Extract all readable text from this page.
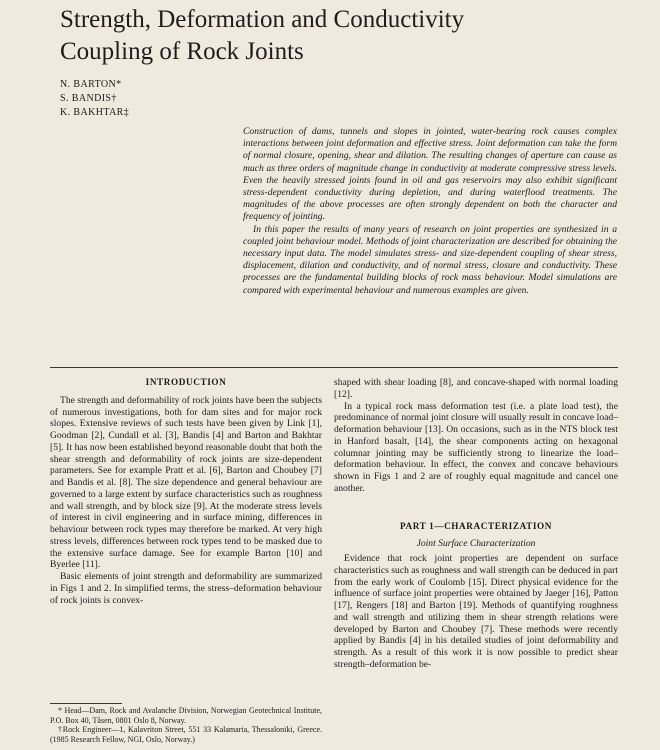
Strength, Deformation and Conductivity
Coupling of Rock Joints
N. BARTON*
S. BANDIS†
K. BAKHTAR‡

Construction of dams, tunnels and slopes in jointed, water-bearing rock causes complex interactions between joint deformation and effective stress. Joint deformation can take the form of normal closure, opening, shear and dilation. The resulting changes of aperture can cause as much as three orders of magnitude change in conductivity at moderate compressive stress levels. Even the heavily stressed joints found in oil and gas reservoirs may also exhibit significant stress-dependent conductivity during depletion, and during waterflood treatments. The magnitudes of the above processes are often strongly dependent on both the character and frequency of jointing.

In this paper the results of many years of research on joint properties are synthesized in a coupled joint behaviour model. Methods of joint characterization are described for obtaining the necessary input data. The model simulates stress- and size-dependent coupling of shear stress, displacement, dilation and conductivity, and of normal stress, closure and conductivity. These processes are the fundamental building blocks of rock mass behaviour. Model simulations are compared with experimental behaviour and numerous examples are given.

INTRODUCTION

The strength and deformability of rock joints have been the subjects of numerous investigations, both for dam sites and for major rock slopes. Extensive reviews of such tests have been given by Link [1], Goodman [2], Cundall et al. [3], Bandis [4] and Barton and Bakhtar [5]. It has now been established beyond reasonable doubt that both the shear strength and deformability of rock joints are size-dependent parameters. See for example Pratt et al. [6], Barton and Choubey [7] and Bandis et al. [8]. The size dependence and general behaviour are governed to a large extent by surface characteristics such as roughness and wall strength, and by block size [9]. At the moderate stress levels of interest in civil engineering and in surface mining, differences in behaviour between rock types may therefore be marked. At very high stress levels, differences between rock types tend to be masked due to the extensive surface damage. See for example Barton [10] and Byerlee [11].

Basic elements of joint strength and deformability are summarized in Figs 1 and 2. In simplified terms, the stress–deformation behaviour of rock joints is convex-

shaped with shear loading [8], and concave-shaped with normal loading [12].

In a typical rock mass deformation test (i.e. a plate load test), the predominance of normal joint closure will usually result in concave load–deformation behaviour [13]. On occasions, such as in the NTS block test in Hanford basalt, [14], the shear components acting on hexagonal columnar jointing may be sufficiently strong to linearize the load–deformation behaviour. In effect, the convex and concave behaviours shown in Figs 1 and 2 are of roughly equal magnitude and cancel one another.

PART 1—CHARACTERIZATION
Joint Surface Characterization

Evidence that rock joint properties are dependent on surface characteristics such as roughness and wall strength can be deduced in part from the early work of Coulomb [15]. Direct physical evidence for the influence of surface joint properties were obtained by Jaeger [16], Patton [17], Rengers [18] and Barton [19]. Methods of quantifying roughness and wall strength and utilizing them in shear strength relations were developed by Barton and Choubey [7]. These methods were recently applied by Bandis [4] in his detailed studies of joint deformability and strength. As a result of this work it is now possible to predict shear strength–deformation be-

* Head—Dam, Rock and Avalanche Division, Norwegian Geotechnical Institute, P.O. Box 40, Tåsen, 0801 Oslo 8, Norway.

†Rock Engineer—1, Kalavriton Street, 551 33 Kalamaria, Thessaloniki, Greece. (1985 Research Fellow, NGI, Oslo, Norway.)
